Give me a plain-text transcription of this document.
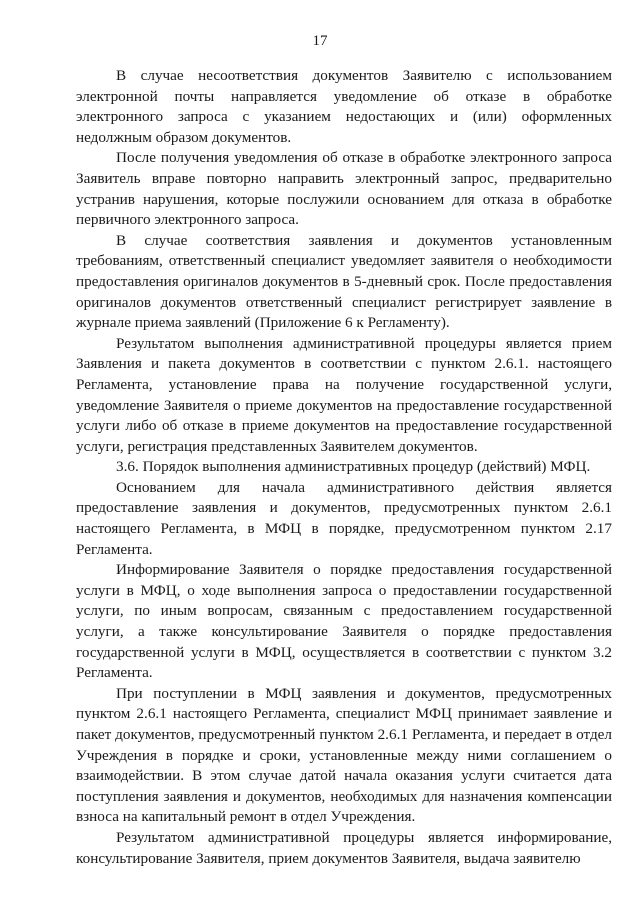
17

В случае несоответствия документов Заявителю с использованием электронной почты направляется уведомление об отказе в обработке электронного запроса с указанием недостающих и (или) оформленных недолжным образом документов.

После получения уведомления об отказе в обработке электронного запроса Заявитель вправе повторно направить электронный запрос, предварительно устранив нарушения, которые послужили основанием для отказа в обработке первичного электронного запроса.

В случае соответствия заявления и документов установленным требованиям, ответственный специалист уведомляет заявителя о необходимости предоставления оригиналов документов в 5-дневный срок. После предоставления оригиналов документов ответственный специалист регистрирует заявление в журнале приема заявлений (Приложение 6 к Регламенту).

Результатом выполнения административной процедуры является прием Заявления и пакета документов в соответствии с пунктом 2.6.1. настоящего Регламента, установление права на получение государственной услуги, уведомление Заявителя о приеме документов на предоставление государственной услуги либо об отказе в приеме документов на предоставление государственной услуги, регистрация представленных Заявителем документов.

3.6. Порядок выполнения административных процедур (действий) МФЦ.

Основанием для начала административного действия является предоставление заявления и документов, предусмотренных пунктом 2.6.1 настоящего Регламента, в МФЦ в порядке, предусмотренном пунктом 2.17 Регламента.

Информирование Заявителя о порядке предоставления государственной услуги в МФЦ, о ходе выполнения запроса о предоставлении государственной услуги, по иным вопросам, связанным с предоставлением государственной услуги, а также консультирование Заявителя о порядке предоставления государственной услуги в МФЦ, осуществляется в соответствии с пунктом 3.2 Регламента.

При поступлении в МФЦ заявления и документов, предусмотренных пунктом 2.6.1 настоящего Регламента, специалист МФЦ принимает заявление и пакет документов, предусмотренный пунктом 2.6.1 Регламента, и передает в отдел Учреждения в порядке и сроки, установленные между ними соглашением о взаимодействии. В этом случае датой начала оказания услуги считается дата поступления заявления и документов, необходимых для назначения компенсации взноса на капитальный ремонт в отдел Учреждения.

Результатом административной процедуры является информирование, консультирование Заявителя, прием документов Заявителя, выдача заявителю
